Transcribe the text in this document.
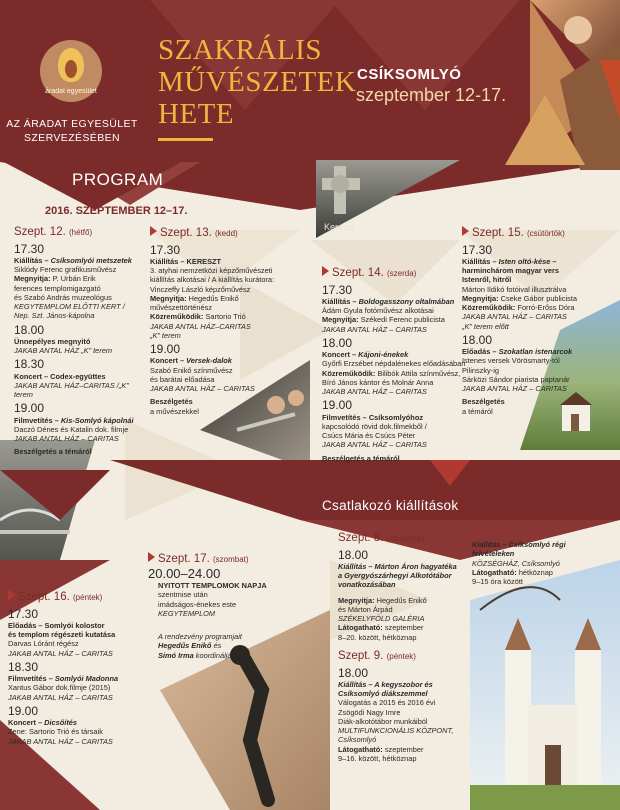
áradat egyesület
AZ ÁRADAT EGYESÜLET
SZERVEZÉSÉBEN
SZAKRÁLIS
MŰVÉSZETEK
HETE
CSÍKSOMLYÓ
szeptember 12-17.
PROGRAM
2016. SZEPTEMBER 12–17.
Kereszt
Szept. 12. (hétfő)
17.30
Kiállítás – Csíksomlyói metszetek
Siklódy Ferenc grafikusművész
Megnyitja: P. Urbán Erik
ferences templomigazgató
és Szabó András muzeológus
KEGYTEMPLOM ELŐTTI KERT /
Nep. Szt. János-kápolna
18.00
Ünnepélyes megnyitó
JAKAB ANTAL HÁZ „K” terem
18.30
Koncert – Codex-együttes
JAKAB ANTAL HÁZ–CARITAS /„K” terem
19.00
Filmvetítés – Kis-Somlyó kápolnái
Daczó Dénes és Katalin dok. filmje
JAKAB ANTAL HÁZ – CARITAS
Beszélgetés a témáról
Szept. 13. (kedd)
17.30
Kiállítás – KERESZT
3. atyhai nemzetközi képzőművészeti
kiállítás alkotásai / A kiállítás kurátora:
Vinczeffy László képzőművész
Megnyitja: Hegedűs Enikő
művészettörténész
Közreműködik: Sartorio Trió
JAKAB ANTAL HÁZ–CARITAS
„K” terem
19.00
Koncert – Versek-dalok
Szabó Enikő színművész
és barátai előadása
JAKAB ANTAL HÁZ – CARITAS
Beszélgetés
a művészekkel
Szept. 14. (szerda)
17.30
Kiállítás – Boldogasszony oltalmában
Ádám Gyula fotóművész alkotásai
Megnyitja: Székedi Ferenc publicista
JAKAB ANTAL HÁZ – CARITAS
18.00
Koncert – Kájoni-énekek
Győrfi Erzsébet népdalénekes előadásában
Közreműködik: Bilibók Attila színművész,
Bíró János kántor és Molnár Anna
JAKAB ANTAL HÁZ – CARITAS
19.00
Filmvetítés – Csíksomlyóhoz
kapcsolódó rövid dok.filmekből /
Csúcs Mária és Csúcs Péter
JAKAB ANTAL HÁZ – CARITAS
Beszélgetés a témáról
Szept. 15. (csütörtök)
17.30
Kiállítás – Isten oltó-kése –
harminchárom magyar vers
Istenről, hitről
Márton Ildikó fotóival illusztrálva
Megnyitja: Cseke Gábor publicista
Közreműködik: Forró-Erőss Dóra
JAKAB ANTAL HÁZ – CARITAS
„K” terem előtt
18.00
Előadás – Szokatlan istenarcok
Istenes versek Vörösmarty-tól
Pilinszky-ig
Sárközi Sándor piarista paptanár
JAKAB ANTAL HÁZ – CARITAS
Beszélgetés
a témáról
Csatlakozó kiállítások
Szept. 16. (péntek)
17.30
Előadás – Somlyói kolostor
és templom régészeti kutatása
Darvas Lóránt régész
JAKAB ANTAL HÁZ – CARITAS
18.30
Filmvetítés – Somlyói Madonna
Xantus Gábor dok.filmje (2015)
JAKAB ANTAL HÁZ – CARITAS
19.00
Koncert – Dicsőítés
Zene: Sartorio Trió és társaik
JAKAB ANTAL HÁZ – CARITAS
Szept. 17. (szombat)
20.00–24.00
NYITOTT TEMPLOMOK NAPJA
szentmise után
imádságos-énekes este
KEGYTEMPLOM
A rendezvény programjait
Hegedűs Enikő és
Simó Irma koordinálják.
Szept. 8. (csütörtök)
18.00
Kiállítás – Márton Áron hagyatéka
a Gyergyószárhegyi Alkotótábor
vonatkozásában
Megnyitja: Hegedűs Enikő
és Márton Árpád
SZÉKELYFÖLD GALÉRIA
Látogatható: szeptember
8–20. között, hétköznap
Szept. 9. (péntek)
18.00
Kiállítás – A kegyszobor és
Csíksomlyó diákszemmel
Válogatás a 2015 és 2016 évi
Zsögödi Nagy Imre
Diák-alkotótábor munkáiból
MULTIFUNKCIONÁLIS KÖZPONT,
Csíksomlyó
Látogatható: szeptember
9–16. között, hétköznap
Kiállítás – Csíksomlyó régi
felvételeken
KÖZSÉGHÁZ, Csíksomlyó
Látogatható: hétköznap
9–15 óra között
